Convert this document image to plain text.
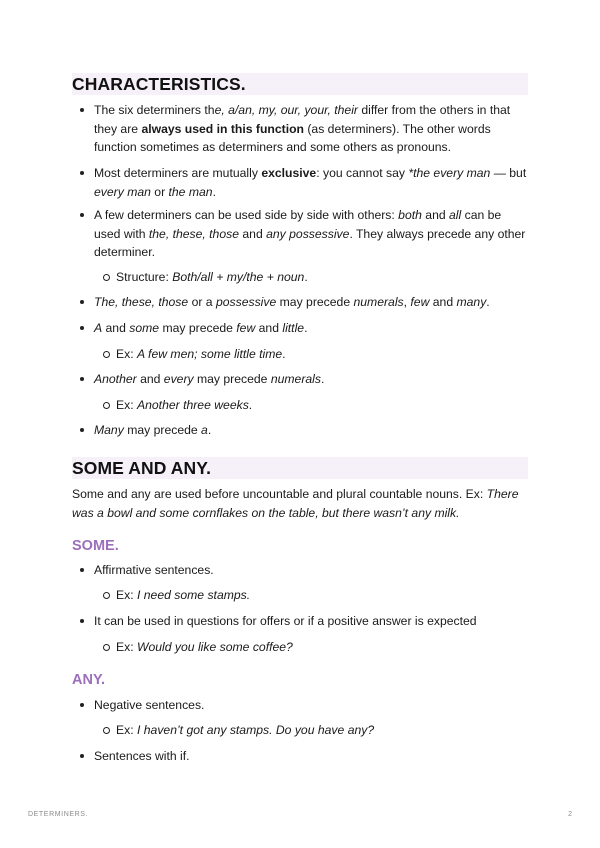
CHARACTERISTICS.
The six determiners the, a/an, my, our, your, their differ from the others in that they are always used in this function (as determiners). The other words function sometimes as determiners and some others as pronouns.
Most determiners are mutually exclusive: you cannot say *the every man — but every man or the man.
A few determiners can be used side by side with others: both and all can be used with the, these, those and any possessive. They always precede any other determiner.
Structure: Both/all + my/the + noun.
The, these, those or a possessive may precede numerals, few and many.
A and some may precede few and little.
Ex: A few men; some little time.
Another and every may precede numerals.
Ex: Another three weeks.
Many may precede a.
SOME AND ANY.
Some and any are used before uncountable and plural countable nouns. Ex: There was a bowl and some cornflakes on the table, but there wasn’t any milk.
SOME.
Affirmative sentences.
Ex: I need some stamps.
It can be used in questions for offers or if a positive answer is expected
Ex: Would you like some coffee?
ANY.
Negative sentences.
Ex: I haven’t got any stamps. Do you have any?
Sentences with if.
DETERMINERS.	2
